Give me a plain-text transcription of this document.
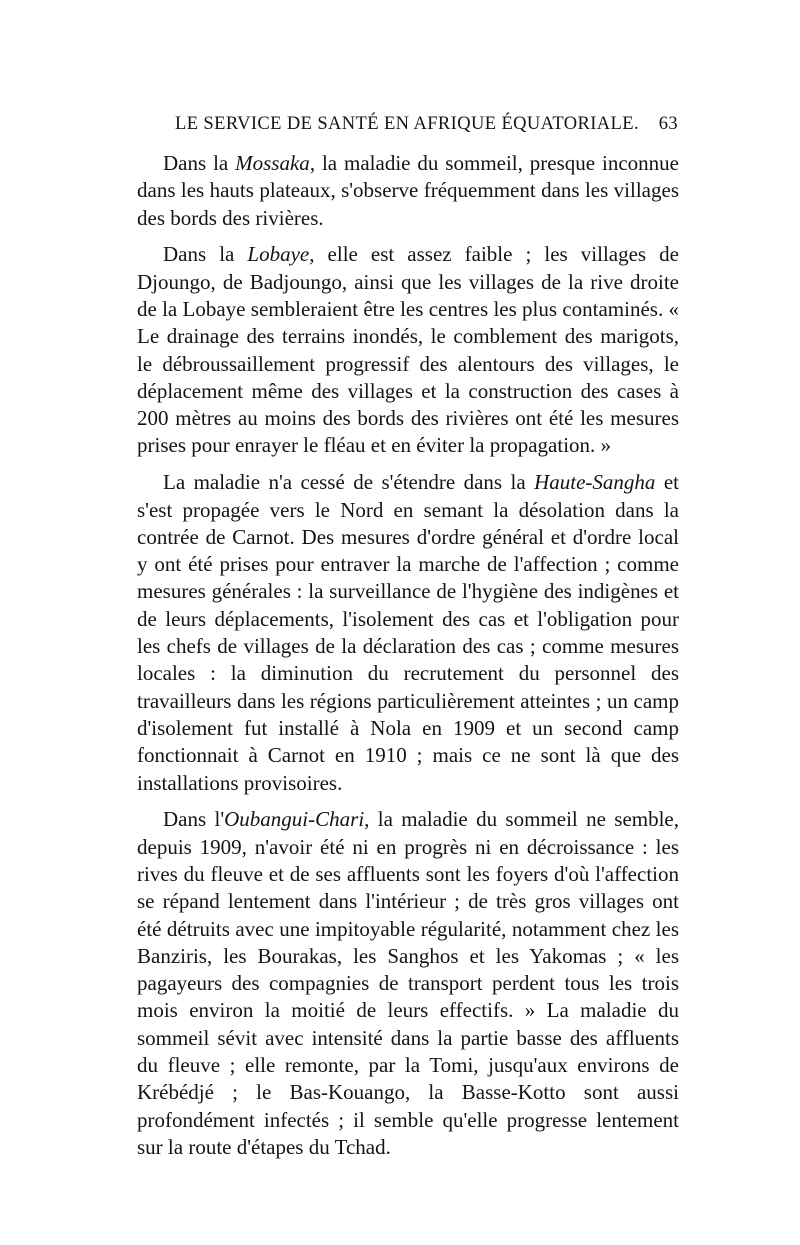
LE SERVICE DE SANTÉ EN AFRIQUE ÉQUATORIALE. 63

Dans la Mossaka, la maladie du sommeil, presque inconnue dans les hauts plateaux, s'observe fréquemment dans les villages des bords des rivières.

Dans la Lobaye, elle est assez faible ; les villages de Djoungo, de Badjoungo, ainsi que les villages de la rive droite de la Lobaye sembleraient être les centres les plus contaminés. « Le drainage des terrains inondés, le comblement des marigots, le débroussaillement progressif des alentours des villages, le déplacement même des villages et la construction des cases à 200 mètres au moins des bords des rivières ont été les mesures prises pour enrayer le fléau et en éviter la propagation. »

La maladie n'a cessé de s'étendre dans la Haute-Sangha et s'est propagée vers le Nord en semant la désolation dans la contrée de Carnot. Des mesures d'ordre général et d'ordre local y ont été prises pour entraver la marche de l'affection ; comme mesures générales : la surveillance de l'hygiène des indigènes et de leurs déplacements, l'isolement des cas et l'obligation pour les chefs de villages de la déclaration des cas ; comme mesures locales : la diminution du recrutement du personnel des travailleurs dans les régions particulièrement atteintes ; un camp d'isolement fut installé à Nola en 1909 et un second camp fonctionnait à Carnot en 1910 ; mais ce ne sont là que des installations provisoires.

Dans l'Oubangui-Chari, la maladie du sommeil ne semble, depuis 1909, n'avoir été ni en progrès ni en décroissance : les rives du fleuve et de ses affluents sont les foyers d'où l'affection se répand lentement dans l'intérieur ; de très gros villages ont été détruits avec une impitoyable régularité, notamment chez les Banziris, les Bourakas, les Sanghos et les Yakomas ; « les pagayeurs des compagnies de transport perdent tous les trois mois environ la moitié de leurs effectifs. » La maladie du sommeil sévit avec intensité dans la partie basse des affluents du fleuve ; elle remonte, par la Tomi, jusqu'aux environs de Krébédjé ; le Bas-Kouango, la Basse-Kotto sont aussi profondément infectés ; il semble qu'elle progresse lentement sur la route d'étapes du Tchad.
